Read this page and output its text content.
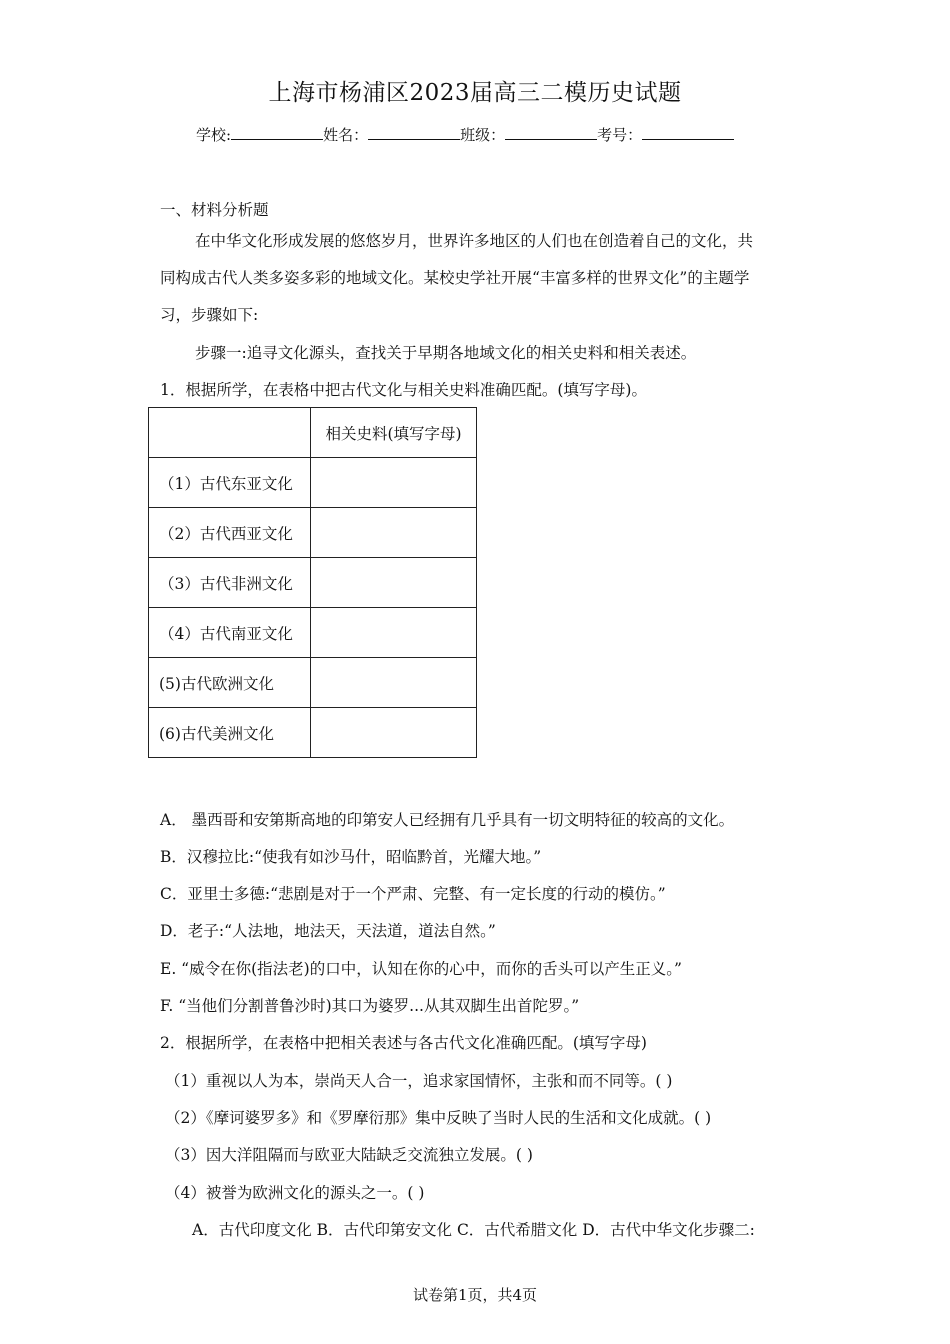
上海市杨浦区2023届高三二模历史试题
学校:	姓名：	班级：	考号：
一、材料分析题
在中华文化形成发展的悠悠岁月，世界许多地区的人们也在创造着自己的文化，共
同构成古代人类多姿多彩的地域文化。某校史学社开展“丰富多样的世界文化”的主题学
习，步骤如下:
步骤一:追寻文化源头，查找关于早期各地域文化的相关史料和相关表述。
1．根据所学，在表格中把古代文化与相关史料准确匹配。(填写字母)。
	相关史料(填写字母)
（1）古代东亚文化	
（2）古代西亚文化	
（3）古代非洲文化	
（4）古代南亚文化	
(5)古代欧洲文化	
(6)古代美洲文化	
A． 墨西哥和安第斯高地的印第安人已经拥有几乎具有一切文明特征的较高的文化。
B．汉穆拉比:“使我有如沙马什，昭临黔首，光耀大地。”
C．亚里士多德:“悲剧是对于一个严肃、完整、有一定长度的行动的模仿。”
D．老子:“人法地，地法天，天法道，道法自然。”
E. “威令在你(指法老)的口中，认知在你的心中，而你的舌头可以产生正义。”
F. “当他们分割普鲁沙时)其口为婆罗...从其双脚生出首陀罗。”
2．根据所学，在表格中把相关表述与各古代文化准确匹配。(填写字母)
（1）重视以人为本，崇尚天人合一，追求家国情怀，主张和而不同等。( )
（2）《摩诃婆罗多》和《罗摩衍那》集中反映了当时人民的生活和文化成就。( )
（3）因大洋阻隔而与欧亚大陆缺乏交流独立发展。( )
（4）被誉为欧洲文化的源头之一。( )
A．古代印度文化 B．古代印第安文化 C．古代希腊文化 D．古代中华文化步骤二:
试卷第1页，共4页
